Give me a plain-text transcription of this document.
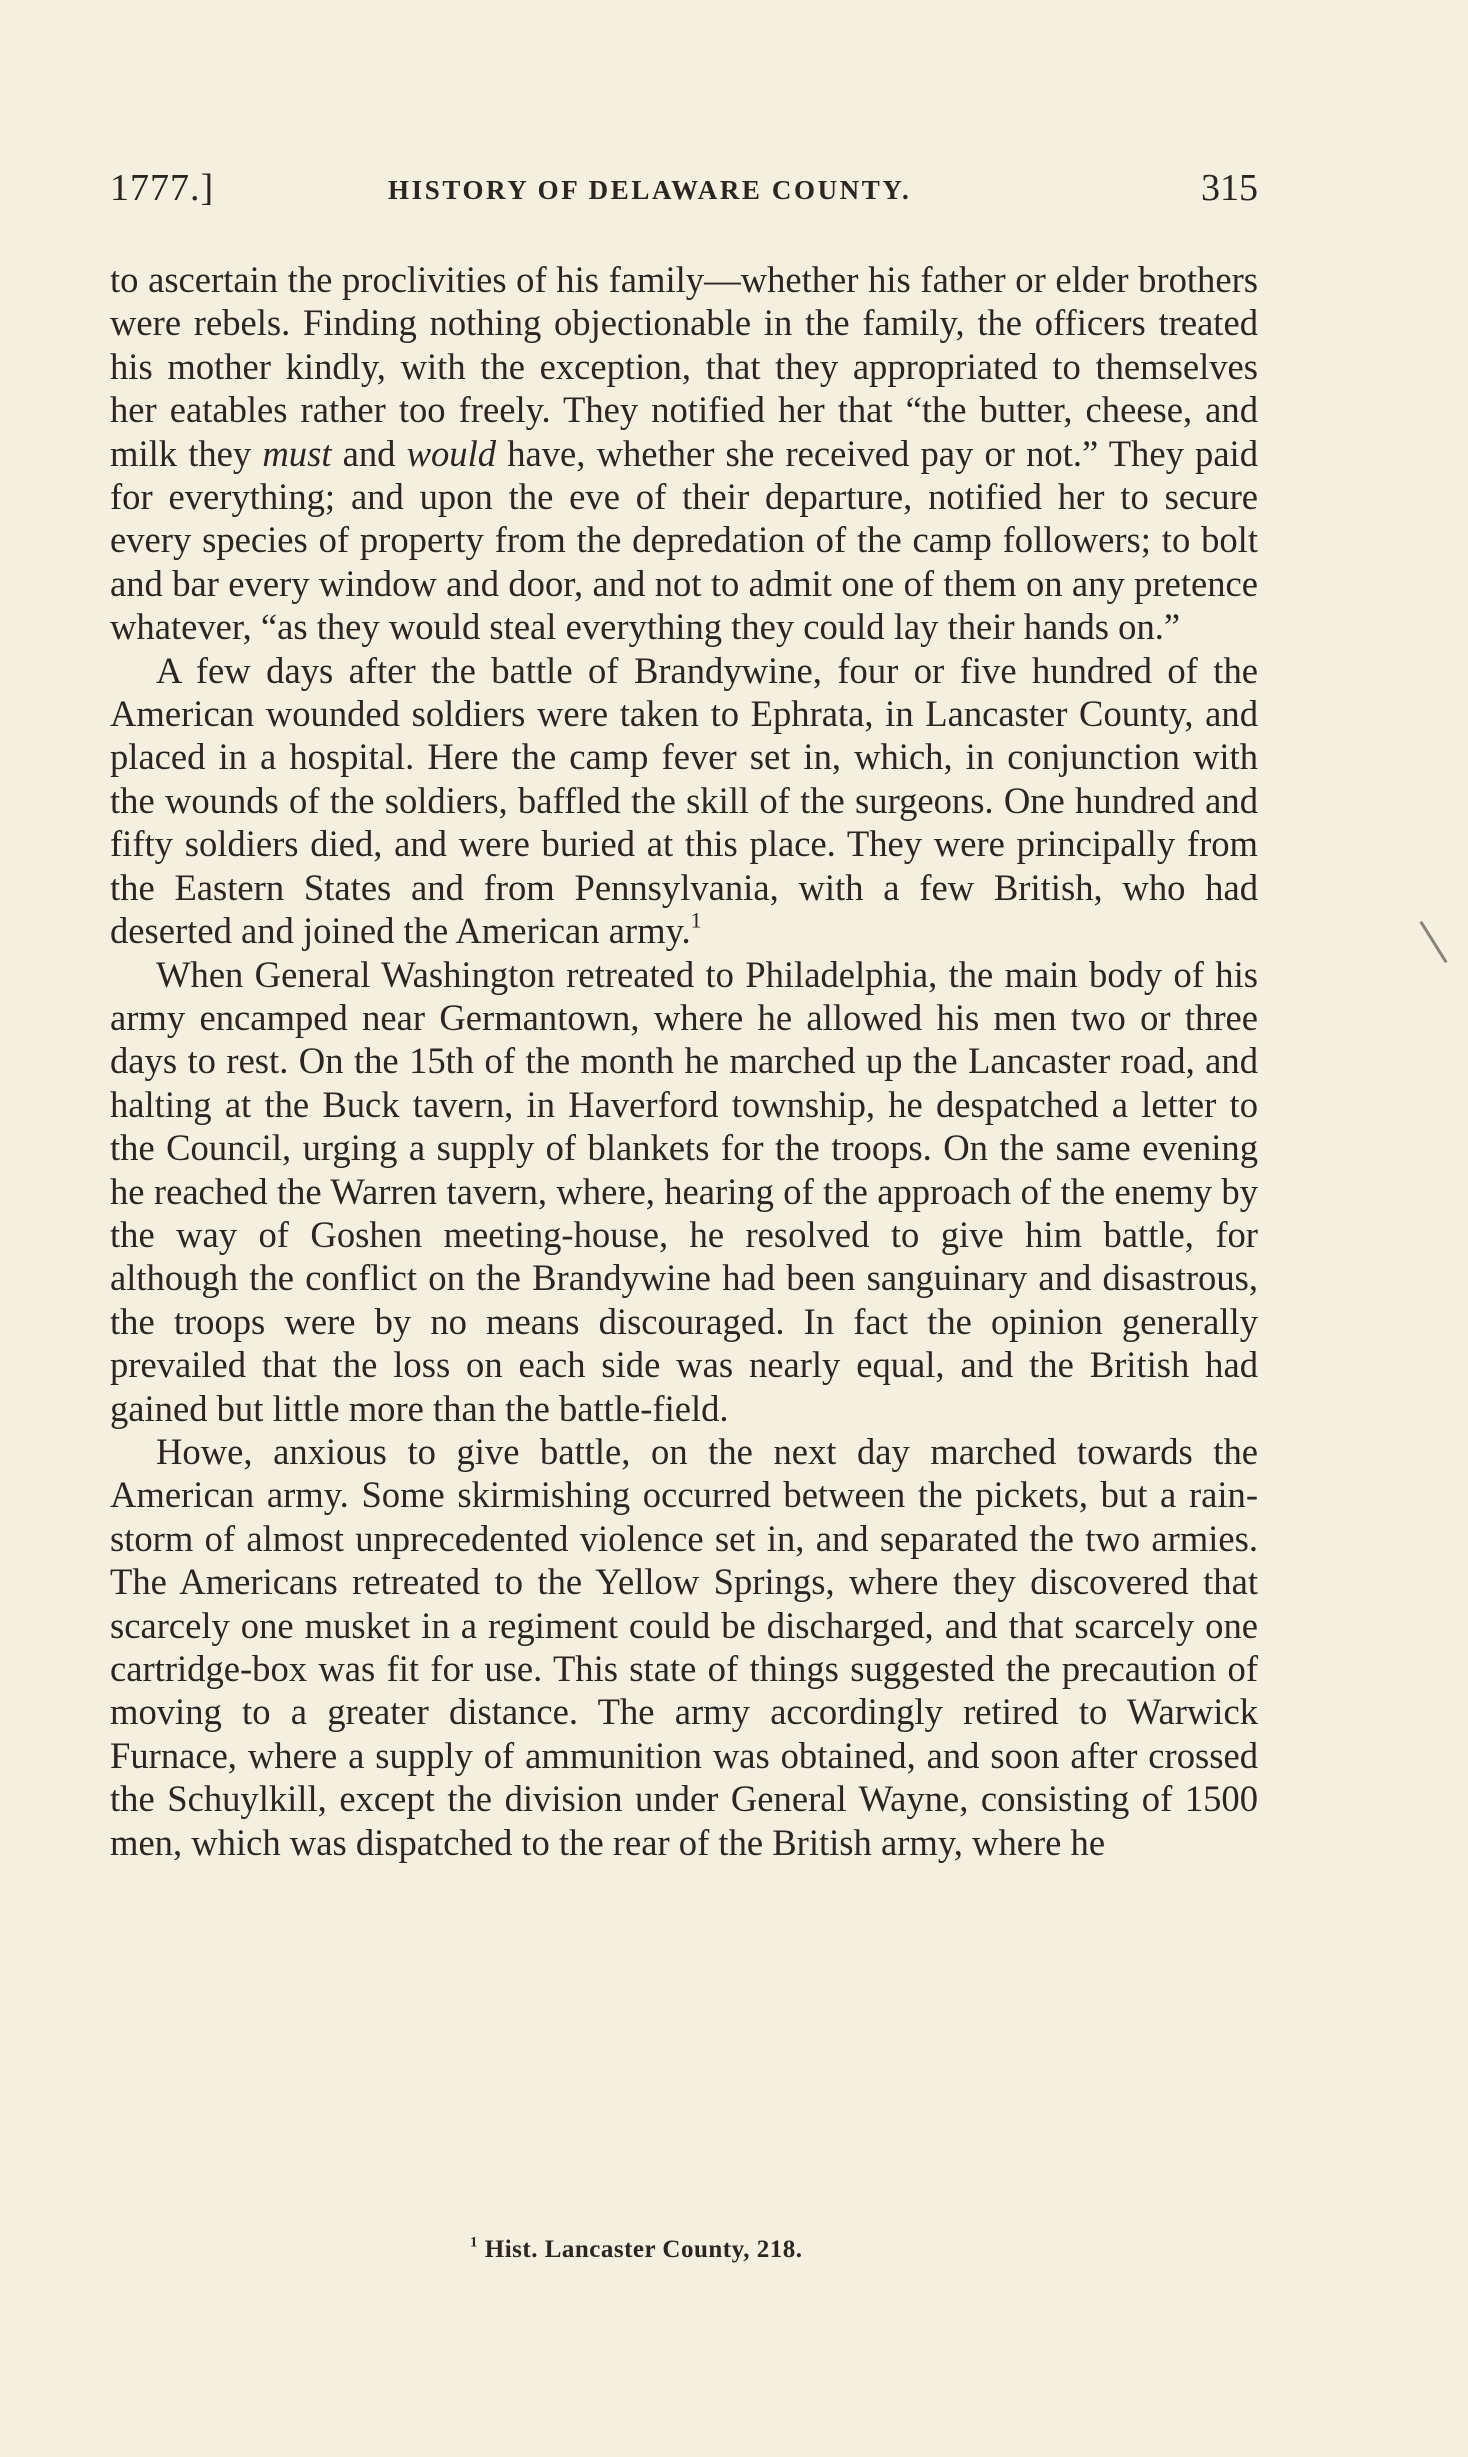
1777.]	HISTORY OF DELAWARE COUNTY.	315

to ascertain the proclivities of his family—whether his father or elder brothers were rebels. Finding nothing objectionable in the family, the officers treated his mother kindly, with the exception, that they appropriated to themselves her eatables rather too freely. They notified her that “the butter, cheese, and milk they must and would have, whether she received pay or not.” They paid for everything; and upon the eve of their departure, notified her to secure every species of property from the depredation of the camp followers; to bolt and bar every window and door, and not to admit one of them on any pretence whatever, “as they would steal everything they could lay their hands on.”

A few days after the battle of Brandywine, four or five hundred of the American wounded soldiers were taken to Ephrata, in Lancaster County, and placed in a hospital. Here the camp fever set in, which, in conjunction with the wounds of the soldiers, baffled the skill of the surgeons. One hundred and fifty soldiers died, and were buried at this place. They were principally from the Eastern States and from Pennsylvania, with a few British, who had deserted and joined the American army.$^1$

When General Washington retreated to Philadelphia, the main body of his army encamped near Germantown, where he allowed his men two or three days to rest. On the 15th of the month he marched up the Lancaster road, and halting at the Buck tavern, in Haverford township, he despatched a letter to the Council, urging a supply of blankets for the troops. On the same evening he reached the Warren tavern, where, hearing of the approach of the enemy by the way of Goshen meeting-house, he resolved to give him battle, for although the conflict on the Brandywine had been sanguinary and disastrous, the troops were by no means discouraged. In fact the opinion generally prevailed that the loss on each side was nearly equal, and the British had gained but little more than the battle-field.

Howe, anxious to give battle, on the next day marched towards the American army. Some skirmishing occurred between the pickets, but a rain-storm of almost unprecedented violence set in, and separated the two armies. The Americans retreated to the Yellow Springs, where they discovered that scarcely one musket in a regiment could be discharged, and that scarcely one cartridge-box was fit for use. This state of things suggested the precaution of moving to a greater distance. The army accordingly retired to Warwick Furnace, where a supply of ammunition was obtained, and soon after crossed the Schuylkill, except the division under General Wayne, consisting of 1500 men, which was dispatched to the rear of the British army, where he

$^1$ Hist. Lancaster County, 218.
